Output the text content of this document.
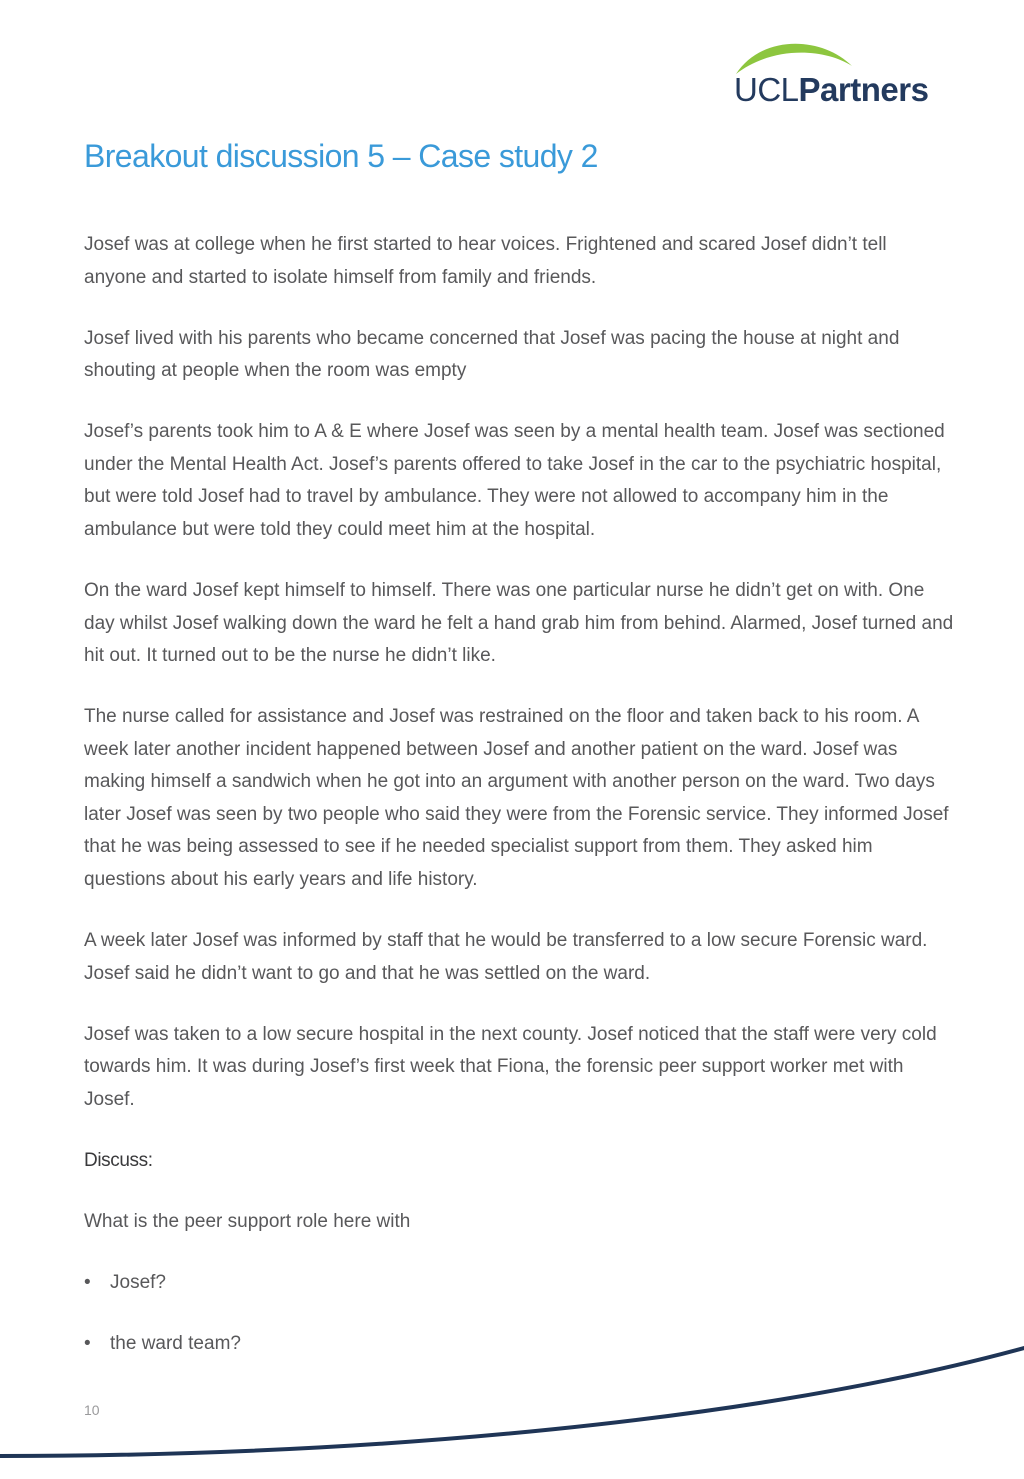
UCLPartners
Breakout discussion 5 – Case study 2

Josef was at college when he first started to hear voices. Frightened and scared Josef didn’t tell anyone and started to isolate himself from family and friends.

Josef lived with his parents who became concerned that Josef was pacing the house at night and shouting at people when the room was empty

Josef’s parents took him to A & E where Josef was seen by a mental health team. Josef was sectioned under the Mental Health Act. Josef’s parents offered to take Josef in the car to the psychiatric hospital, but were told Josef had to travel by ambulance. They were not allowed to accompany him in the ambulance but were told they could meet him at the hospital.

On the ward Josef kept himself to himself. There was one particular nurse he didn’t get on with. One day whilst Josef walking down the ward he felt a hand grab him from behind. Alarmed, Josef turned and hit out. It turned out to be the nurse he didn’t like.

The nurse called for assistance and Josef was restrained on the floor and taken back to his room. A week later another incident happened between Josef and another patient on the ward. Josef was making himself a sandwich when he got into an argument with another person on the ward. Two days later Josef was seen by two people who said they were from the Forensic service. They informed Josef that he was being assessed to see if he needed specialist support from them. They asked him questions about his early years and life history.

A week later Josef was informed by staff that he would be transferred to a low secure Forensic ward. Josef said he didn’t want to go and that he was settled on the ward.

Josef was taken to a low secure hospital in the next county. Josef noticed that the staff were very cold towards him. It was during Josef’s first week that Fiona, the forensic peer support worker met with Josef.

Discuss:

What is the peer support role here with

• Josef?
• the ward team?
10
